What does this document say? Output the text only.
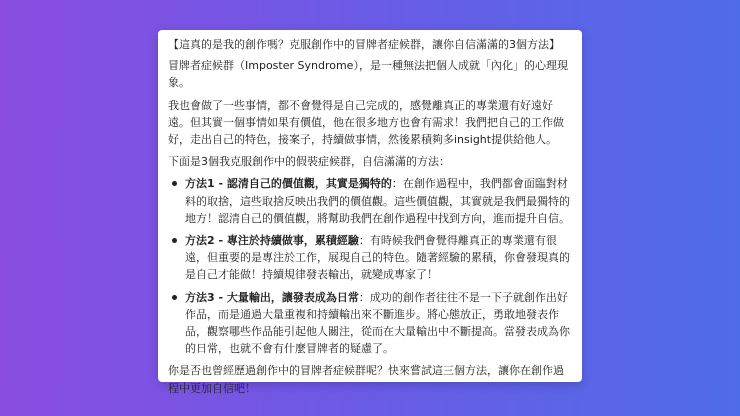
【這真的是我的創作嗎？克服創作中的冒牌者症候群，讓你自信滿滿的3個方法】

冒牌者症候群（Imposter Syndrome），是一種無法把個人成就「內化」的心理現象。

我也會做了一些事情，都不會覺得是自己完成的，感覺離真正的專業還有好遠好遠。但其實一個事情如果有價值，他在很多地方也會有需求！我們把自己的工作做好，走出自己的特色，接案子，持續做事情，然後累積夠多insight提供給他人。

下面是3個我克服創作中的假裝症候群，自信滿滿的方法：

方法1 - 認清自己的價值觀，其實是獨特的：在創作過程中，我們都會面臨對材料的取捨，這些取捨反映出我們的價值觀。這些價值觀，其實就是我們最獨特的地方！認清自己的價值觀，將幫助我們在創作過程中找到方向，進而提升自信。
方法2 - 專注於持續做事，累積經驗：有時候我們會覺得離真正的專業還有很遠，但重要的是專注於工作，展現自己的特色。隨著經驗的累積，你會發現真的是自己才能做！持續規律發表輸出，就變成專家了！
方法3 - 大量輸出，讓發表成為日常：成功的創作者往往不是一下子就創作出好作品，而是通過大量重複和持續輸出來不斷進步。將心態放正，勇敢地發表作品，觀察哪些作品能引起他人關注，從而在大量輸出中不斷提高。當發表成為你的日常，也就不會有什麼冒牌者的疑慮了。

你是否也曾經歷過創作中的冒牌者症候群呢？快來嘗試這三個方法，讓你在創作過程中更加自信吧！
